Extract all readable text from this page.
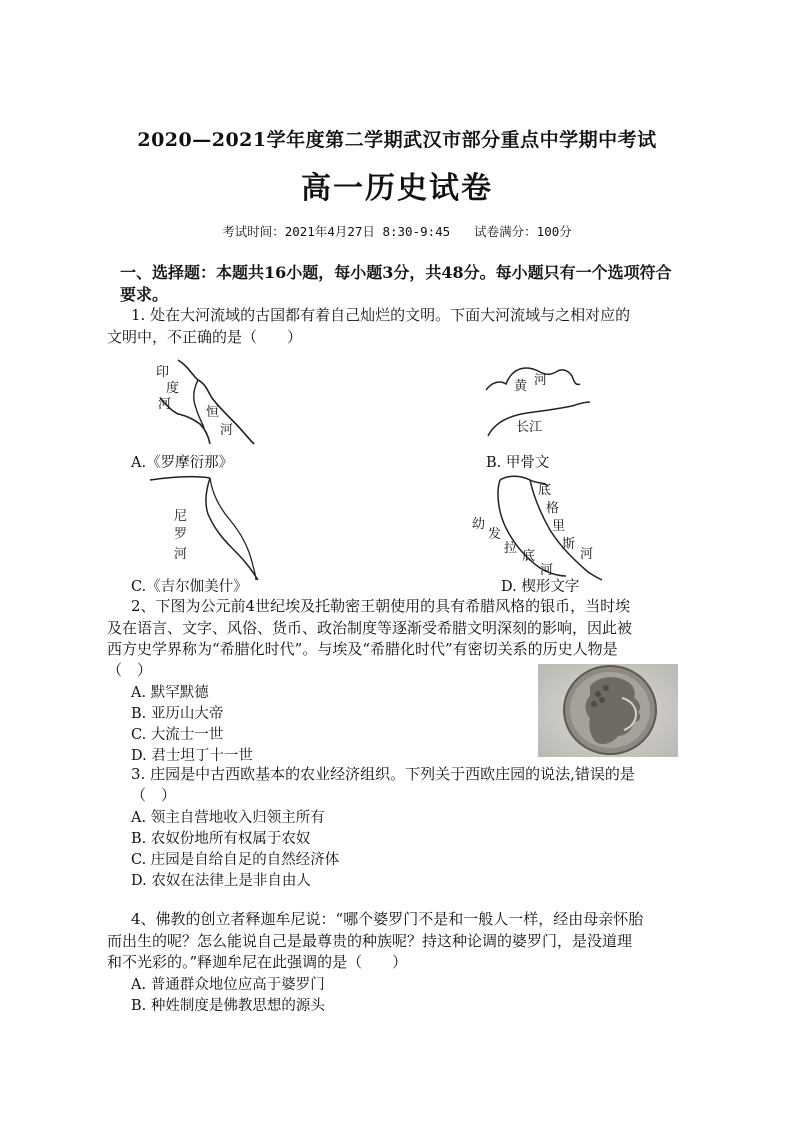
2020—2021学年度第二学期武汉市部分重点中学期中考试
高一历史试卷
考试时间：2021年4月27日 8:30-9:45 试卷满分：100分
一、选择题：本题共16小题，每小题3分，共48分。每小题只有一个选项符合要求。
1. 处在大河流域的古国都有着自己灿烂的文明。下面大河流域与之相对应的
文明中，不正确的是（　　）
印
度
河
恒
河
黄 河
长江
A.《罗摩衍那》	B. 甲骨文
尼
罗
河
底
格
里
斯
河
幼
发
拉
底
河
C.《吉尔伽美什》	D. 楔形文字
2、下图为公元前4世纪埃及托勒密王朝使用的具有希腊风格的银币，当时埃
及在语言、文字、风俗、货币、政治制度等逐渐受希腊文明深刻的影响，因此被
西方史学界称为“希腊化时代”。与埃及“希腊化时代”有密切关系的历史人物是
（　）
A. 默罕默德
B. 亚历山大帝
C. 大流士一世
D. 君士坦丁十一世
3. 庄园是中古西欧基本的农业经济组织。下列关于西欧庄园的说法,错误的是
（　）
A. 领主自营地收入归领主所有
B. 农奴份地所有权属于农奴
C. 庄园是自给自足的自然经济体
D. 农奴在法律上是非自由人
4、佛教的创立者释迦牟尼说：“哪个婆罗门不是和一般人一样，经由母亲怀胎
而出生的呢？怎么能说自己是最尊贵的种族呢？持这种论调的婆罗门，是没道理
和不光彩的。”释迦牟尼在此强调的是（　　）
A. 普通群众地位应高于婆罗门
B. 种姓制度是佛教思想的源头
